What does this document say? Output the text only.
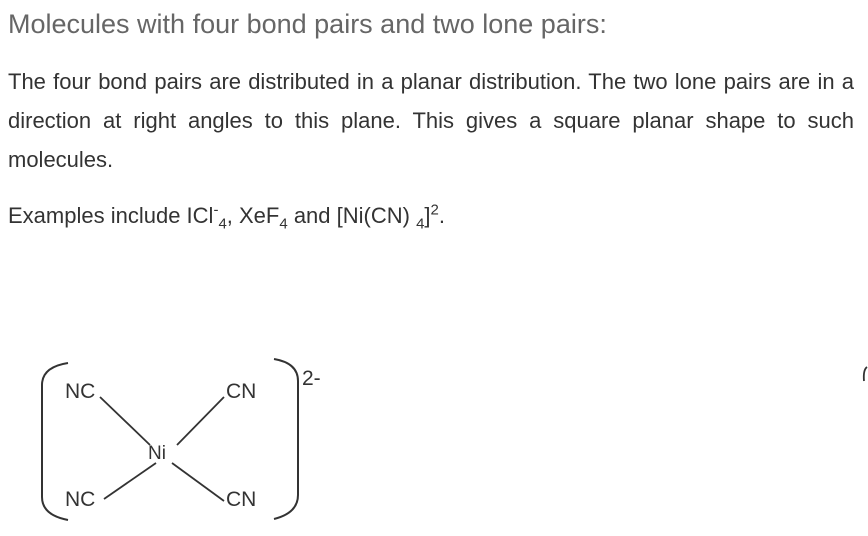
Molecules with four bond pairs and two lone pairs:

The four bond pairs are distributed in a planar distribution. The two lone pairs are in a direction at right angles to this plane. This gives a square planar shape to such molecules.

Examples include ICl-$_4$, XeF$_4$ and [Ni(CN) $_4$]$^2$.

NC	CN
Ni
NC	CN
2-
